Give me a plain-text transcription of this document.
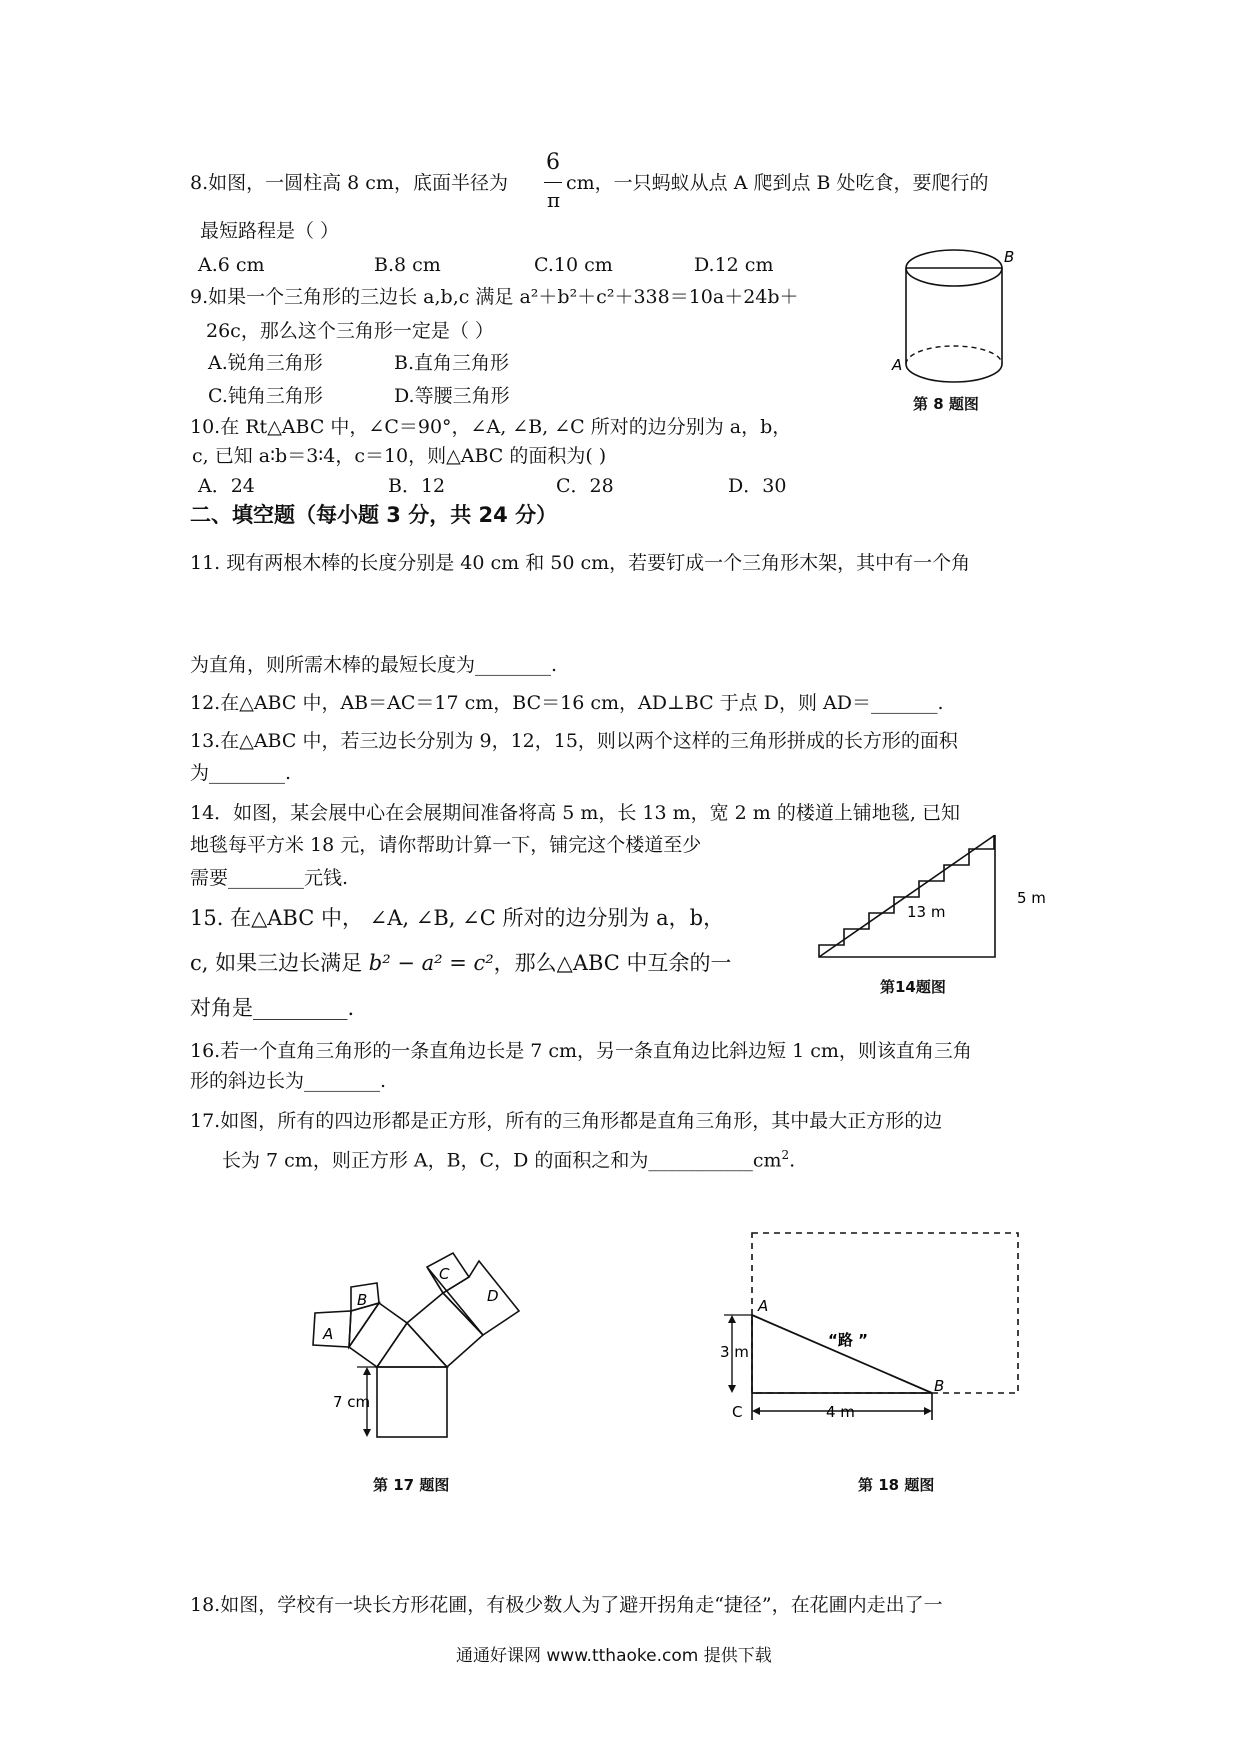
8.如图，一圆柱高 8 cm，底面半径为
6
π
cm，一只蚂蚁从点 A 爬到点 B 处吃食，要爬行的
最短路程是（ ）
A.6 cm	B.8 cm	C.10 cm	D.12 cm	B
A
第 8 题图
9.如果一个三角形的三边长 a,b,c 满足 a²＋b²＋c²＋338＝10a＋24b＋
26c，那么这个三角形一定是（ ）
A.锐角三角形	B.直角三角形
C.钝角三角形	D.等腰三角形
10.在 Rt△ABC 中，∠C＝90°，∠A, ∠B, ∠C 所对的边分别为 a，b，
c, 已知 a∶b＝3∶4，c＝10，则△ABC 的面积为( )
A．24	B．12	C．28	D．30
二、填空题（每小题 3 分，共 24 分）
11. 现有两根木棒的长度分别是 40 cm 和 50 cm，若要钉成一个三角形木架，其中有一个角
为直角，则所需木棒的最短长度为________.
12.在△ABC 中，AB＝AC＝17 cm，BC＝16 cm，AD⊥BC 于点 D，则 AD＝_______.
13.在△ABC 中，若三边长分别为 9，12，15，则以两个这样的三角形拼成的长方形的面积
为________.
14．如图，某会展中心在会展期间准备将高 5 m，长 13 m，宽 2 m 的楼道上铺地毯, 已知
地毯每平方米 18 元，请你帮助计算一下，铺完这个楼道至少
需要________元钱.
13 m
5 m
第14题图
15. 在△ABC 中， ∠A, ∠B, ∠C 所对的边分别为 a，b，
c, 如果三边长满足 b² − a² = c²，那么△ABC 中互余的一
对角是_________.
16.若一个直角三角形的一条直角边长是 7 cm，另一条直角边比斜边短 1 cm，则该直角三角
形的斜边长为________.
17.如图，所有的四边形都是正方形，所有的三角形都是直角三角形，其中最大正方形的边
长为 7 cm，则正方形 A，B，C，D 的面积之和为$\_\_\_\_\_\_\_\_\_\_\_cm^2$.
A
B
C
D
7 cm
第 17 题图
A
B
C
3 m
4 m
“路 ”
第 18 题图
18.如图，学校有一块长方形花圃，有极少数人为了避开拐角走“捷径”，在花圃内走出了一
通通好课网 www.tthaoke.com 提供下载
